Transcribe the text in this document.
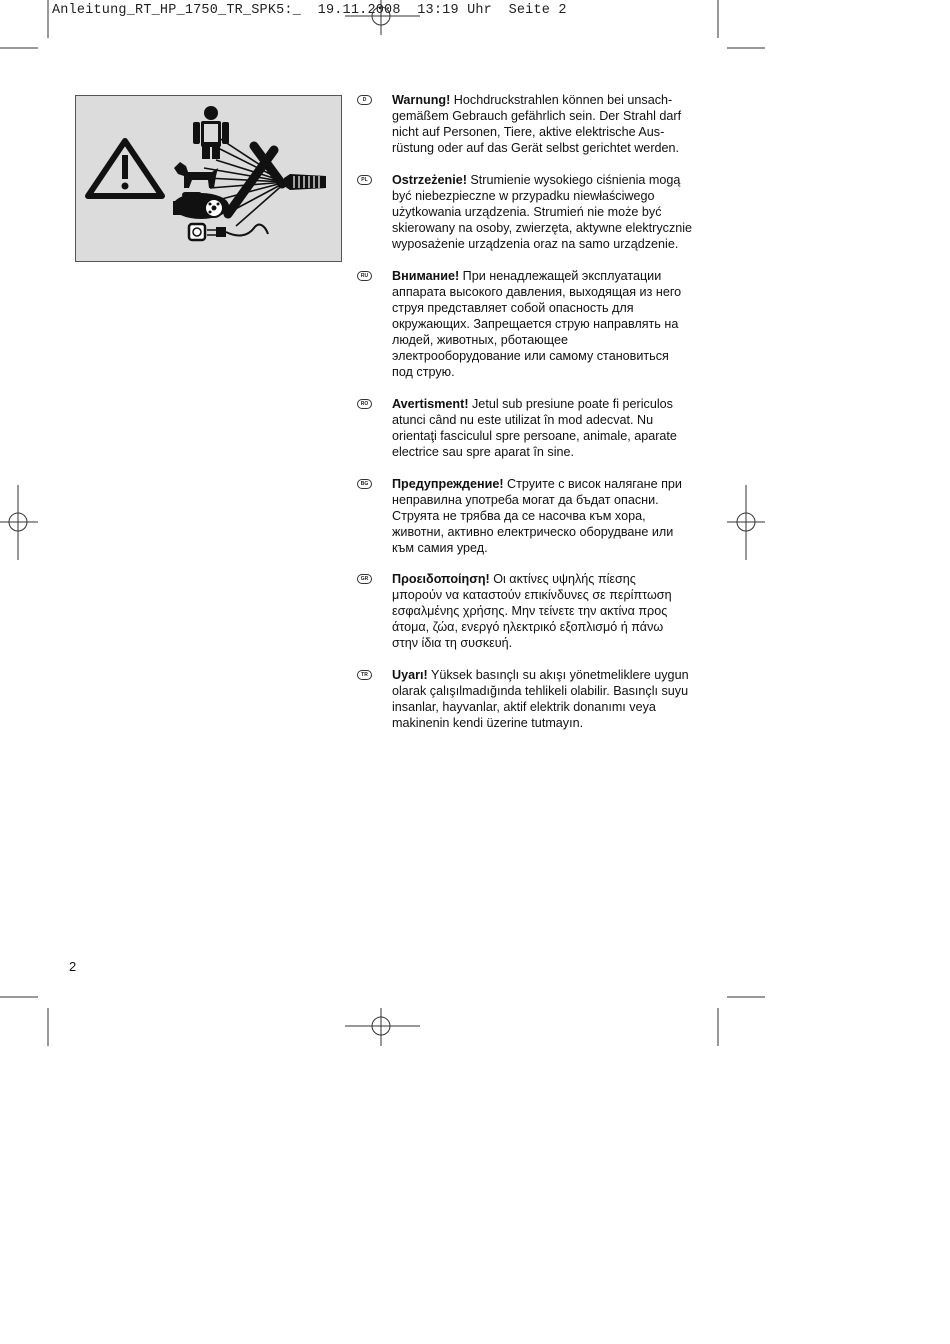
Anleitung_RT_HP_1750_TR_SPK5:_  19.11.2008  13:19 Uhr  Seite 2
D	Warnung! Hochdruckstrahlen können bei unsach-
gemäßem Gebrauch gefährlich sein. Der Strahl darf
nicht auf Personen, Tiere, aktive elektrische Aus-
rüstung oder auf das Gerät selbst gerichtet werden.
PL	Ostrzeżenie! Strumienie wysokiego ciśnienia mogą
być niebezpieczne w przypadku niewłaściwego
użytkowania urządzenia. Strumień nie może być
skierowany na osoby, zwierzęta, aktywne elektrycznie
wyposażenie urządzenia oraz na samo urządzenie.
RU	Внимание! При ненадлежащей эксплуатации
аппарата высокого давления, выходящая из него
струя представляет собой опасность для
окружающих. Запрещается струю направлять на
людей, животных, рботающее
электрооборудование или самому становиться
под струю.
RO Avertisment! Jetul sub presiune poate fi periculos
atunci când nu este utilizat în mod adecvat. Nu
orientaţi fasciculul spre persoane, animale, aparate
electrice sau spre aparat în sine.
BG Предупреждение! Струите с висок налягане при
неправилна употреба могат да бъдат опасни.
Струята не трябва да се насочва към хора,
животни, активно електрическо оборудване или
към самия уред.
GR Προειδοποίηση! Οι ακτίνες υψηλής πίεσης
μπορούν να καταστούν επικίνδυνες σε περίπτωση
εσφαλμένης χρήσης. Μην τείνετε την ακτίνα προς
άτομα, ζώα, ενεργό ηλεκτρικό εξοπλισμό ή πάνω
στην ίδια τη συσκευή.
TR	Uyarı! Yüksek basınçlı su akışı yönetmeliklere uygun
olarak çalışılmadığında tehlikeli olabilir. Basınçlı suyu
insanlar, hayvanlar, aktif elektrik donanımı veya
makinenin kendi üzerine tutmayın.
2
